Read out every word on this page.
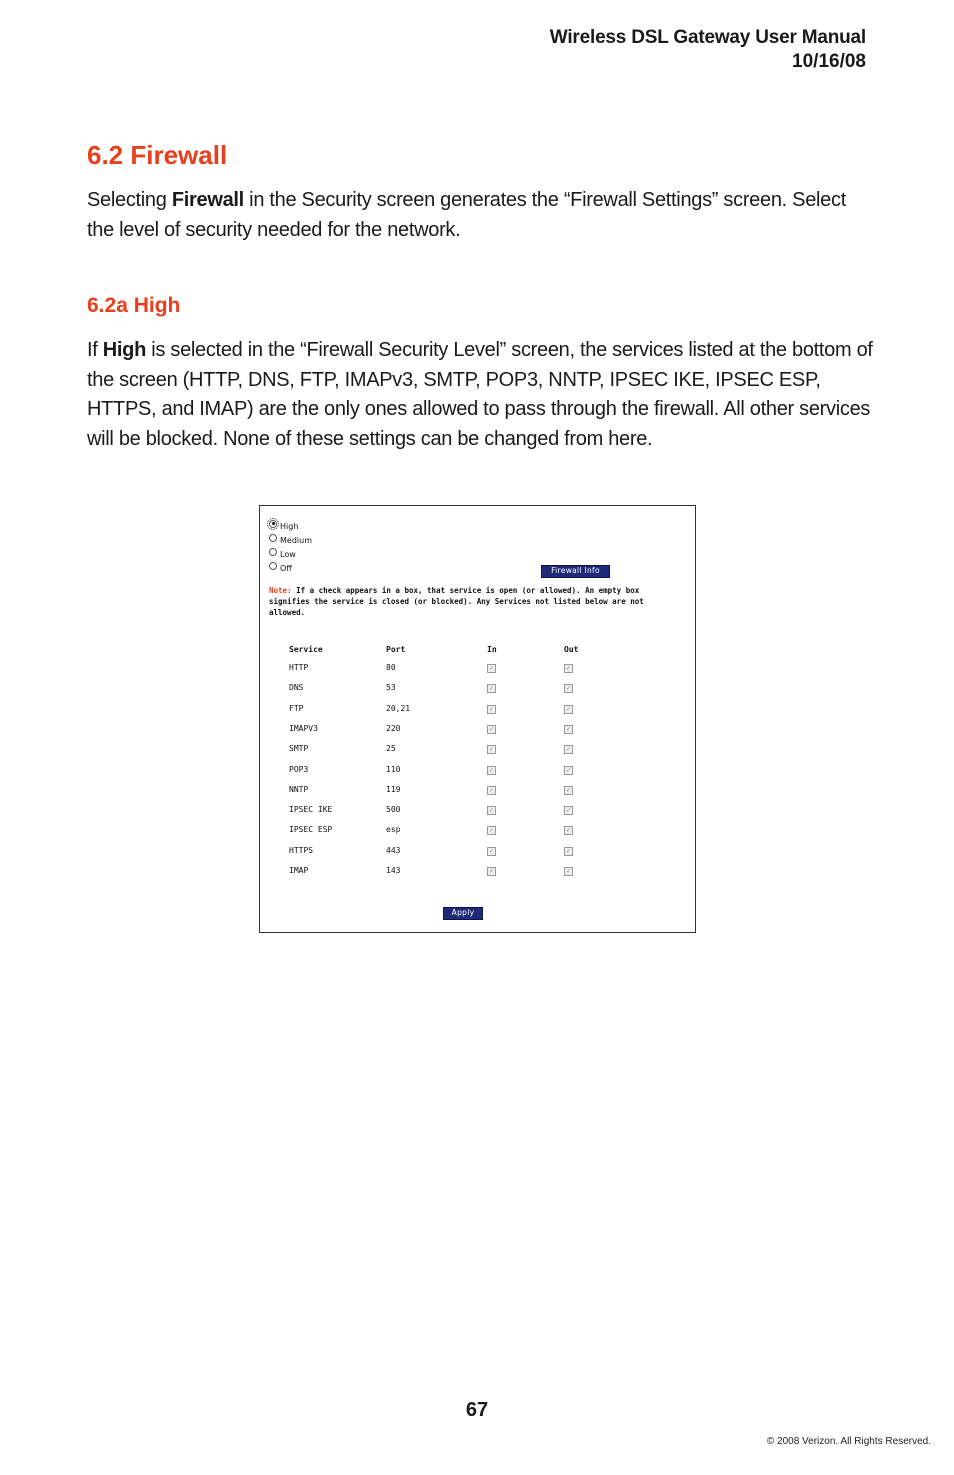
Wireless DSL Gateway User Manual
10/16/08
6.2 Firewall

Selecting Firewall in the Security screen generates the “Firewall Settings” screen. Select the level of security needed for the network.

6.2a High

If High is selected in the “Firewall Security Level” screen, the services listed at the bottom of the screen (HTTP, DNS, FTP, IMAPv3, SMTP, POP3, NNTP, IPSEC IKE, IPSEC ESP, HTTPS, and IMAP) are the only ones allowed to pass through the firewall. All other services will be blocked. None of these settings can be changed from here.

High
Medium
Low
Off	Firewall Info
Note: If a check appears in a box, that service is open (or allowed). An empty box signifies the service is closed (or blocked). Any Services not listed below are not allowed.
Service	Port	In	Out
HTTP	80	✓	✓
DNS	53	✓	✓
FTP	20,21	✓	✓
IMAPV3	220	✓	✓
SMTP	25	✓	✓
POP3	110	✓	✓
NNTP	119	✓	✓
IPSEC IKE	500	✓	✓
IPSEC ESP	esp	✓	✓
HTTPS	443	✓	✓
IMAP	143	✓	✓
Apply
67
© 2008 Verizon. All Rights Reserved.
